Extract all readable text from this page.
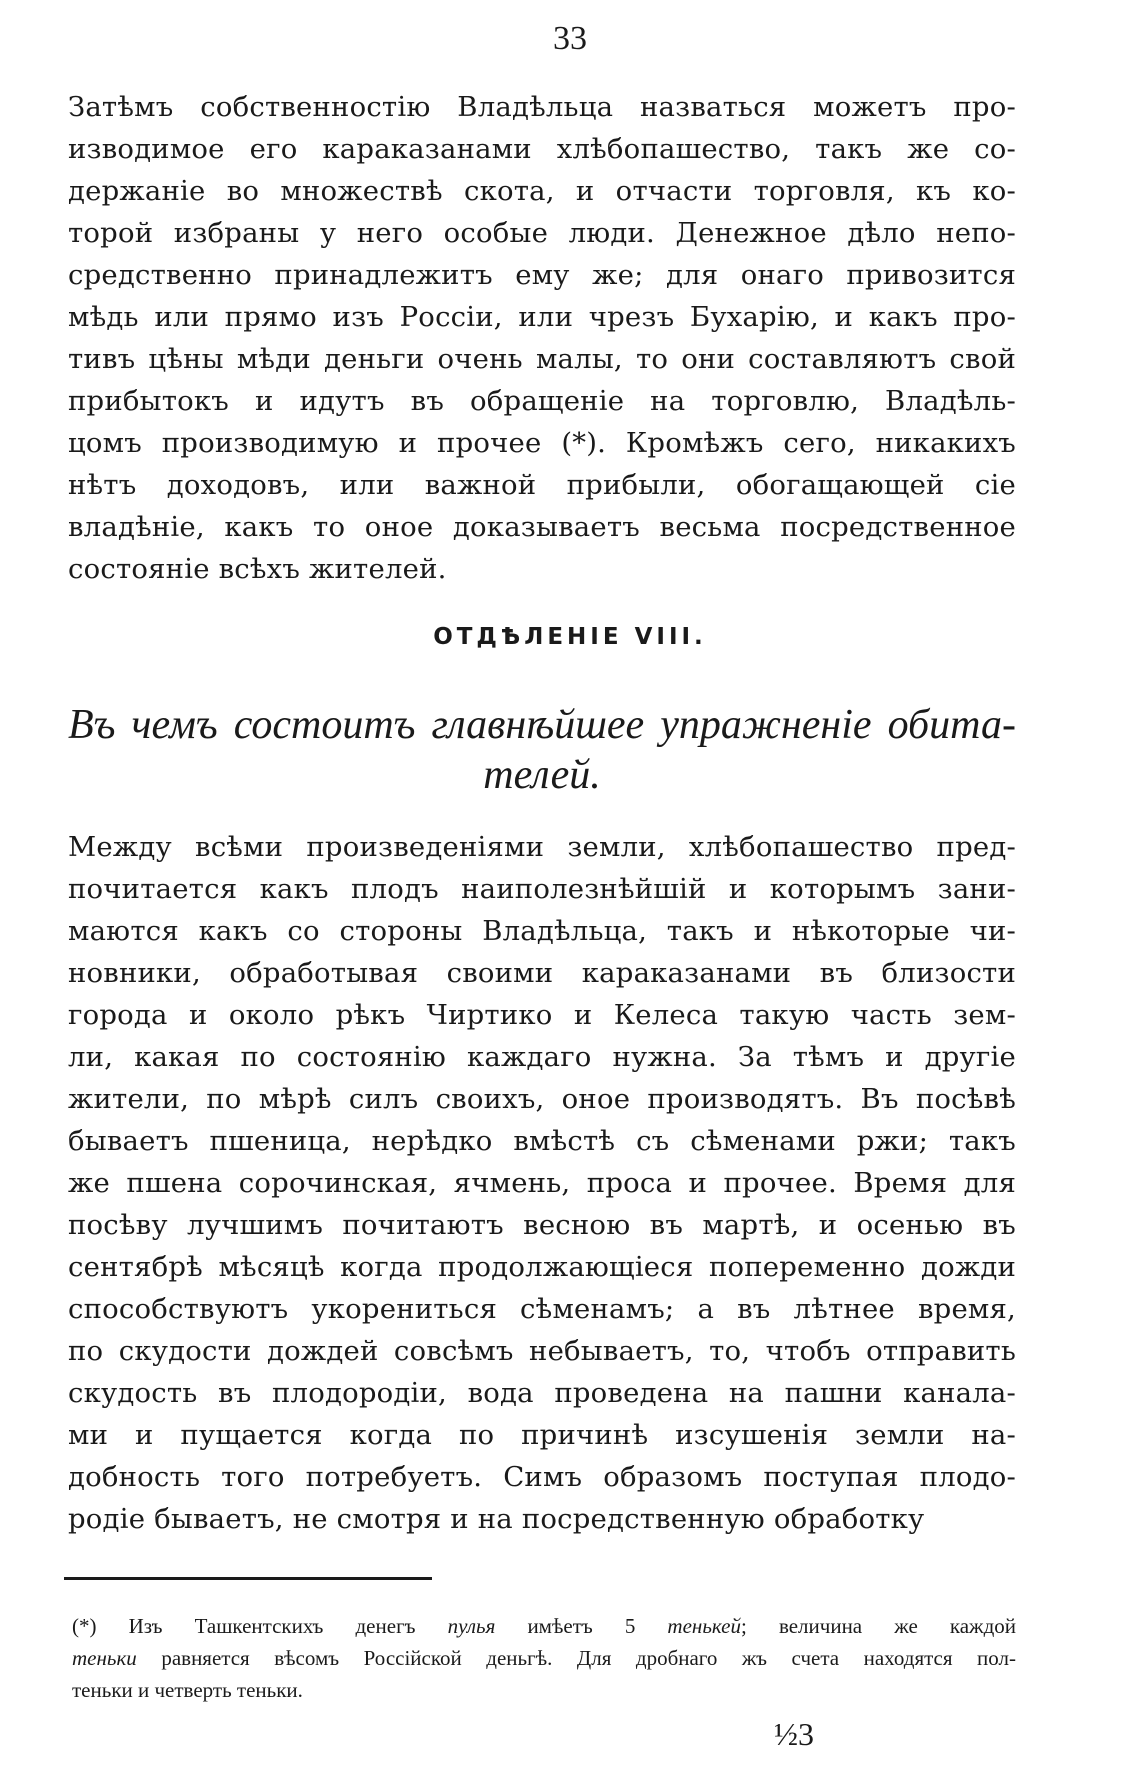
33
Затѣмъ собственностію Владѣльца назваться можетъ про-
изводимое его караказанами хлѣбопашество, такъ же со-
держаніе во множествѣ скота, и отчасти торговля, къ ко-
торой избраны у него особые люди. Денежное дѣло непо-
средственно принадлежитъ ему же; для онаго привозится
мѣдь или прямо изъ Россіи, или чрезъ Бухарію, и какъ про-
тивъ цѣны мѣди деньги очень малы, то они составляютъ свой
прибытокъ и идутъ въ обращеніе на торговлю, Владѣль-
цомъ производимую и прочее (*). Кромѣжъ сего, никакихъ
нѣтъ доходовъ, или важной прибыли, обогащающей сіе
владѣніе, какъ то оное доказываетъ весьма посредственное
состояніе всѣхъ жителей.
ОТДѢЛЕНІЕ VIII.
Въ чемъ состоитъ главнѣйшее упражненіе обита-
телей.
Между всѣми произведеніями земли, хлѣбопашество пред-
почитается какъ плодъ наиполезнѣйшій и которымъ зани-
маются какъ со стороны Владѣльца, такъ и нѣкоторые чи-
новники, обработывая своими караказанами въ близости
города и около рѣкъ Чиртико и Келеса такую часть зем-
ли, какая по состоянію каждаго нужна. За тѣмъ и другіе
жители, по мѣрѣ силъ своихъ, оное производятъ. Въ посѣвѣ
бываетъ пшеница, нерѣдко вмѣстѣ съ сѣменами ржи; такъ
же пшена сорочинская, ячмень, проса и прочее. Время для
посѣву лучшимъ почитаютъ весною въ мартѣ, и осенью въ
сентябрѣ мѣсяцѣ когда продолжающіеся попеременно дожди
способствуютъ укорениться сѣменамъ; а въ лѣтнее время,
по скудости дождей совсѣмъ небываетъ, то, чтобъ отправить
скудость въ плодородіи, вода проведена на пашни канала-
ми и пущается когда по причинѣ изсушенія земли на-
добность того потребуетъ. Симъ образомъ поступая плодо-
родіе бываетъ, не смотря и на посредственную обработку
(*) Изъ Ташкентскихъ денегъ пулья имѣетъ 5 тенькей; величина же каждой
теньки равняется вѣсомъ Россійской деньгѣ. Для дробнаго жъ счета находятся пол-
теньки и четверть теньки.
½3
